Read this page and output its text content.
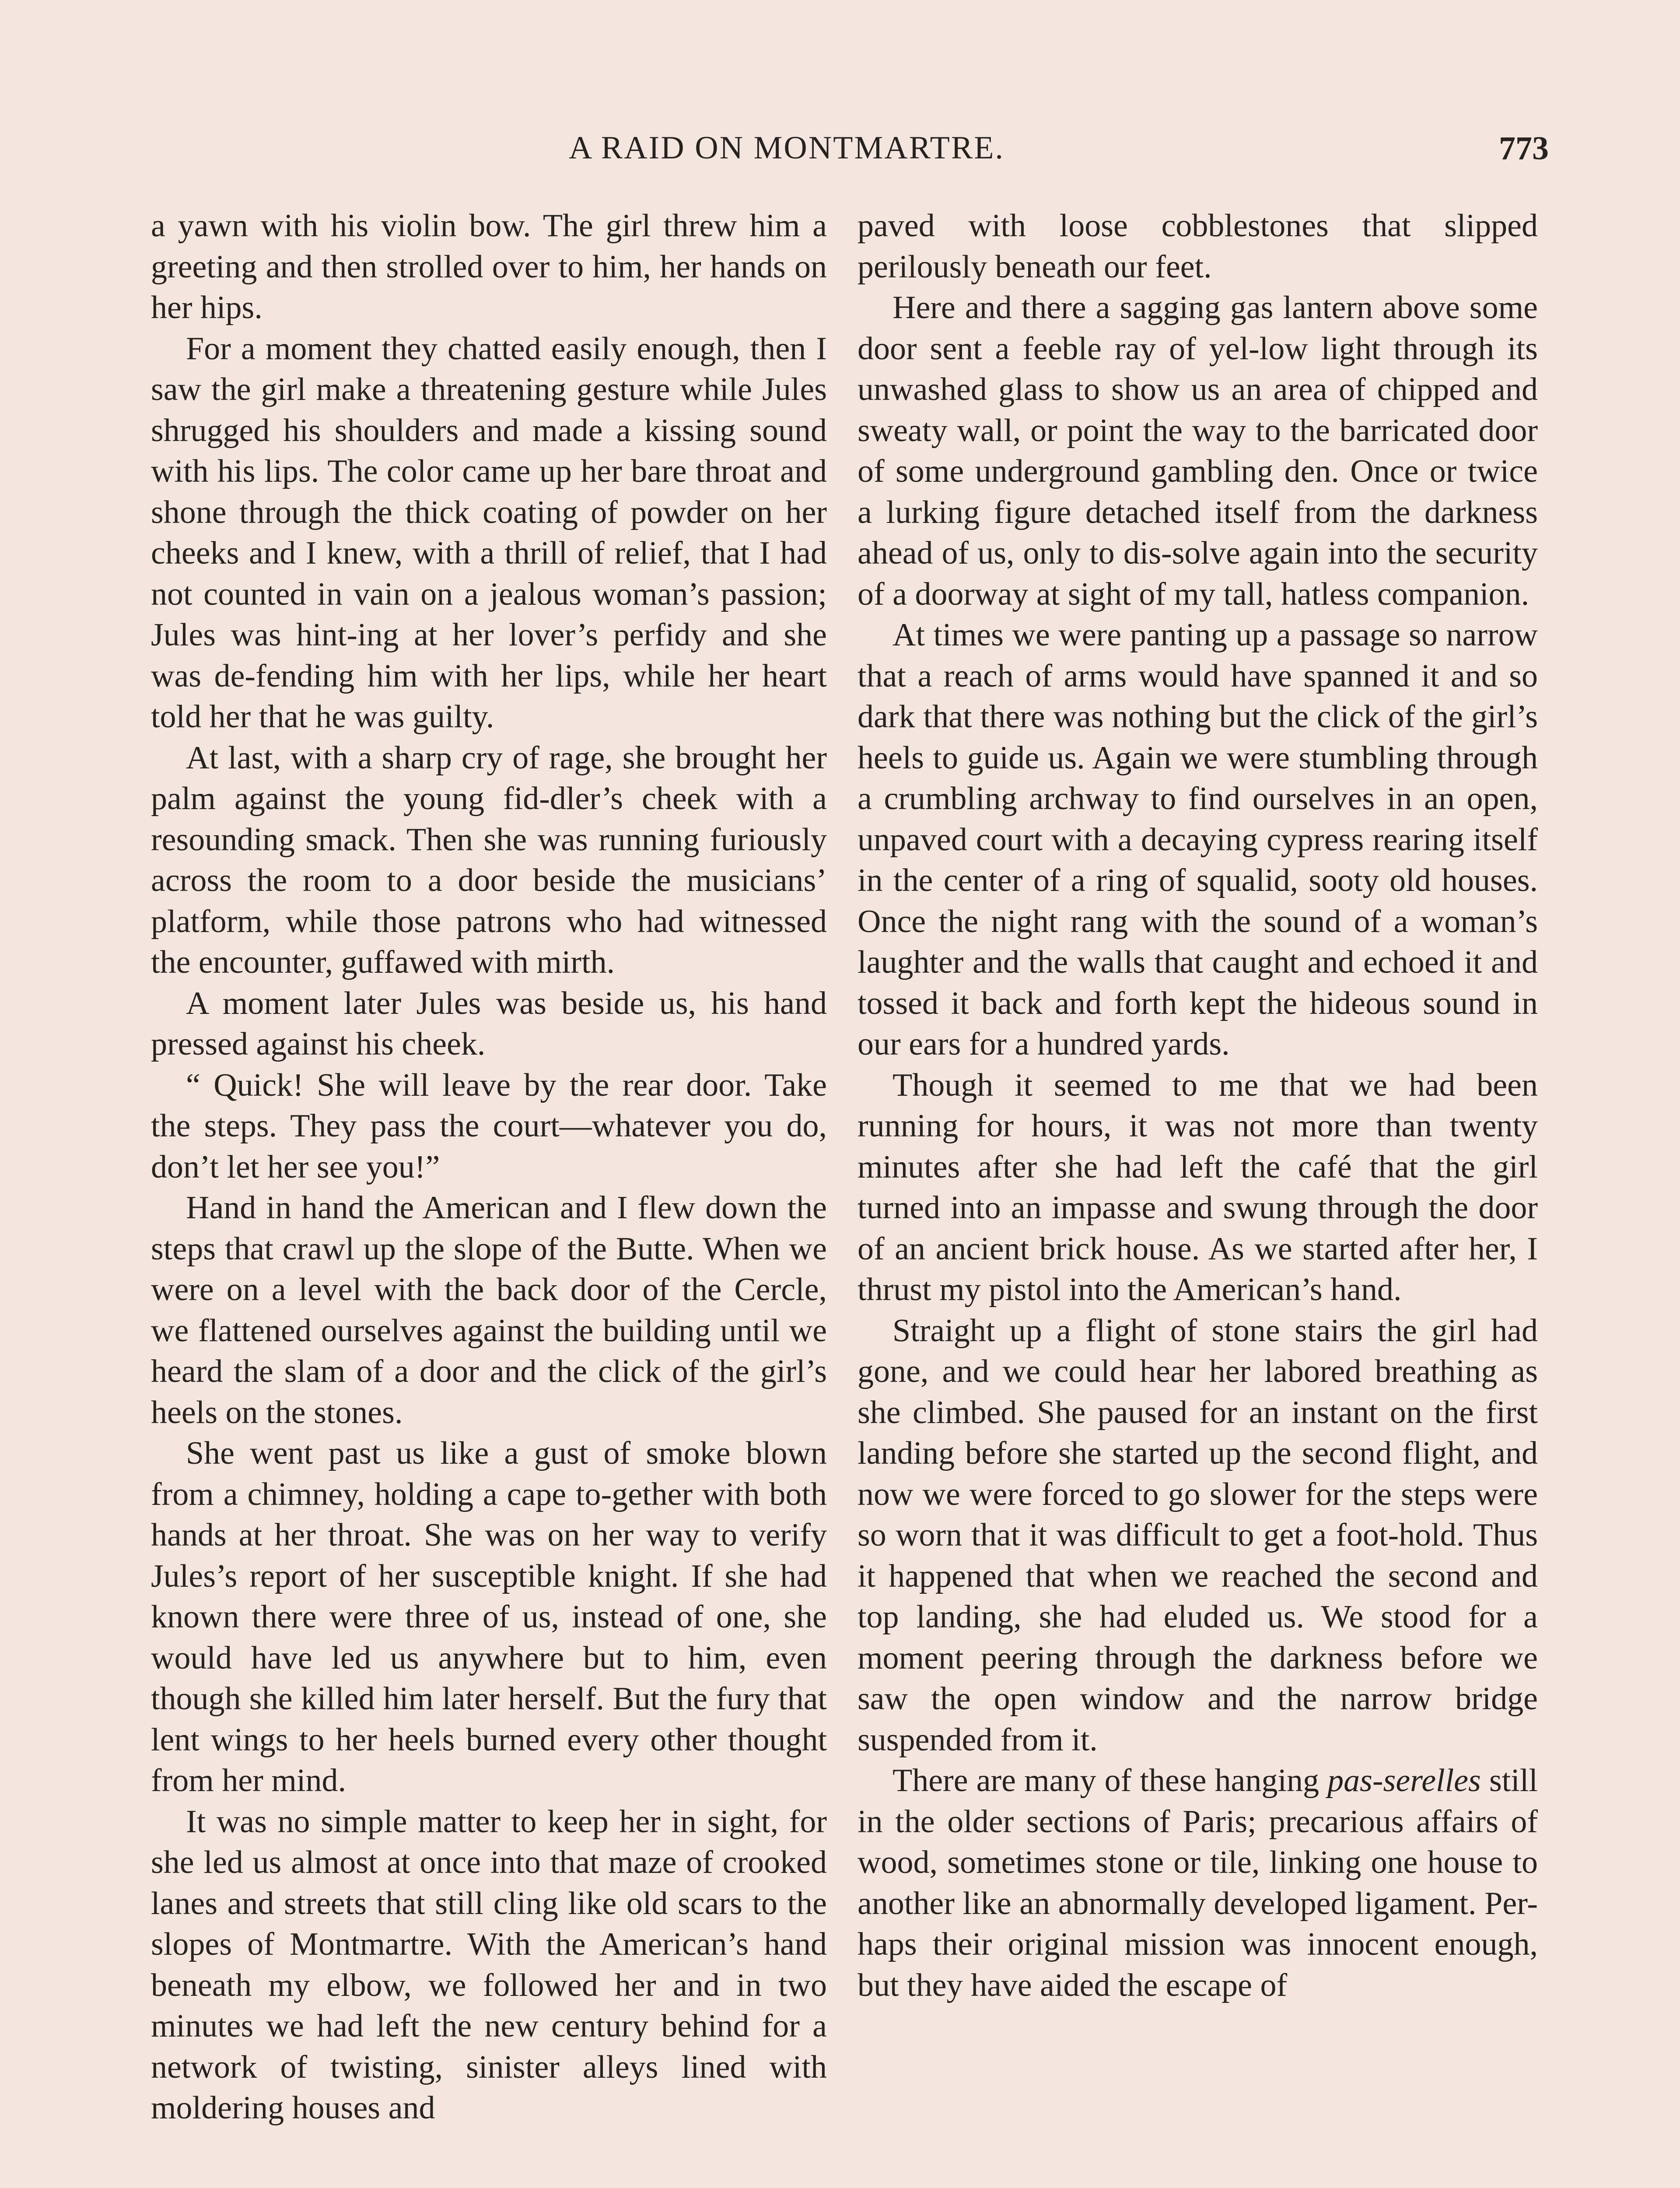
A RAID ON MONTMARTRE.	773

a yawn with his violin bow. The girl threw him a greeting and then strolled over to him, her hands on her hips.

For a moment they chatted easily enough, then I saw the girl make a threatening gesture while Jules shrugged his shoulders and made a kissing sound with his lips. The color came up her bare throat and shone through the thick coating of powder on her cheeks and I knew, with a thrill of relief, that I had not counted in vain on a jealous woman’s passion; Jules was hint-ing at her lover’s perfidy and she was de-fending him with her lips, while her heart told her that he was guilty.

At last, with a sharp cry of rage, she brought her palm against the young fid-dler’s cheek with a resounding smack. Then she was running furiously across the room to a door beside the musicians’ platform, while those patrons who had witnessed the encounter, guffawed with mirth.

A moment later Jules was beside us, his hand pressed against his cheek.

“ Quick! She will leave by the rear door. Take the steps. They pass the court—whatever you do, don’t let her see you!”

Hand in hand the American and I flew down the steps that crawl up the slope of the Butte. When we were on a level with the back door of the Cercle, we flattened ourselves against the building until we heard the slam of a door and the click of the girl’s heels on the stones.

She went past us like a gust of smoke blown from a chimney, holding a cape to-gether with both hands at her throat. She was on her way to verify Jules’s report of her susceptible knight. If she had known there were three of us, instead of one, she would have led us anywhere but to him, even though she killed him later herself. But the fury that lent wings to her heels burned every other thought from her mind.

It was no simple matter to keep her in sight, for she led us almost at once into that maze of crooked lanes and streets that still cling like old scars to the slopes of Montmartre. With the American’s hand beneath my elbow, we followed her and in two minutes we had left the new century behind for a network of twisting, sinister alleys lined with moldering houses and

paved with loose cobblestones that slipped perilously beneath our feet.

Here and there a sagging gas lantern above some door sent a feeble ray of yel-low light through its unwashed glass to show us an area of chipped and sweaty wall, or point the way to the barricated door of some underground gambling den. Once or twice a lurking figure detached itself from the darkness ahead of us, only to dis-solve again into the security of a doorway at sight of my tall, hatless companion.

At times we were panting up a passage so narrow that a reach of arms would have spanned it and so dark that there was nothing but the click of the girl’s heels to guide us. Again we were stumbling through a crumbling archway to find ourselves in an open, unpaved court with a decaying cypress rearing itself in the center of a ring of squalid, sooty old houses. Once the night rang with the sound of a woman’s laughter and the walls that caught and echoed it and tossed it back and forth kept the hideous sound in our ears for a hundred yards.

Though it seemed to me that we had been running for hours, it was not more than twenty minutes after she had left the café that the girl turned into an impasse and swung through the door of an ancient brick house. As we started after her, I thrust my pistol into the American’s hand.

Straight up a flight of stone stairs the girl had gone, and we could hear her labored breathing as she climbed. She paused for an instant on the first landing before she started up the second flight, and now we were forced to go slower for the steps were so worn that it was difficult to get a foot-hold. Thus it happened that when we reached the second and top landing, she had eluded us. We stood for a moment peering through the darkness before we saw the open window and the narrow bridge suspended from it.

There are many of these hanging pas-serelles still in the older sections of Paris; precarious affairs of wood, sometimes stone or tile, linking one house to another like an abnormally developed ligament. Per-haps their original mission was innocent enough, but they have aided the escape of
